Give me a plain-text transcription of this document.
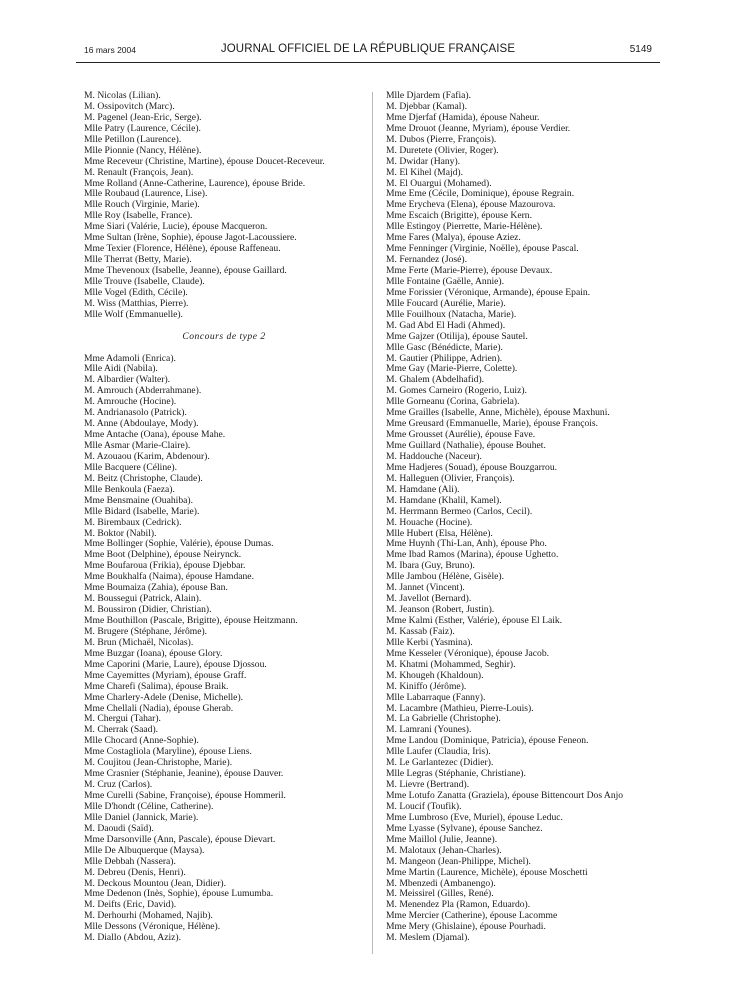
16 mars 2004	JOURNAL OFFICIEL DE LA RÉPUBLIQUE FRANÇAISE	5149
M. Nicolas (Lilian).
M. Ossipovitch (Marc).
M. Pagenel (Jean-Eric, Serge).
Mlle Patry (Laurence, Cécile).
Mlle Petillon (Laurence).
Mlle Pionnie (Nancy, Hélène).
Mme Receveur (Christine, Martine), épouse Doucet-Receveur.
M. Renault (François, Jean).
Mme Rolland (Anne-Catherine, Laurence), épouse Bride.
Mlle Roubaud (Laurence, Lise).
Mlle Rouch (Virginie, Marie).
Mlle Roy (Isabelle, France).
Mme Siari (Valérie, Lucie), épouse Macqueron.
Mme Sultan (Irène, Sophie), épouse Jagot-Lacoussiere.
Mme Texier (Florence, Hélène), épouse Raffeneau.
Mlle Therrat (Betty, Marie).
Mme Thevenoux (Isabelle, Jeanne), épouse Gaillard.
Mlle Trouve (Isabelle, Claude).
Mlle Vogel (Edith, Cécile).
M. Wiss (Matthias, Pierre).
Mlle Wolf (Emmanuelle).
Concours de type 2
Mme Adamoli (Enrica).
Mlle Aidi (Nabila).
M. Albardier (Walter).
M. Amrouch (Abderrahmane).
M. Amrouche (Hocine).
M. Andrianasolo (Patrick).
M. Anne (Abdoulaye, Mody).
Mme Antache (Oana), épouse Mahe.
Mlle Asmar (Marie-Claire).
M. Azouaou (Karim, Abdenour).
Mlle Bacquere (Céline).
M. Beitz (Christophe, Claude).
Mlle Benkoula (Faeza).
Mme Bensmaine (Ouahiba).
Mlle Bidard (Isabelle, Marie).
M. Birembaux (Cedrick).
M. Boktor (Nabil).
Mme Bollinger (Sophie, Valérie), épouse Dumas.
Mme Boot (Delphine), épouse Neirynck.
Mme Boufaroua (Frikia), épouse Djebbar.
Mme Boukhalfa (Naima), épouse Hamdane.
Mme Boumaiza (Zahia), épouse Ban.
M. Boussegui (Patrick, Alain).
M. Boussiron (Didier, Christian).
Mme Bouthillon (Pascale, Brigitte), épouse Heitzmann.
M. Brugere (Stéphane, Jérôme).
M. Brun (Michaël, Nicolas).
Mme Buzgar (Ioana), épouse Glory.
Mme Caporini (Marie, Laure), épouse Djossou.
Mme Cayemittes (Myriam), épouse Graff.
Mme Charefi (Salima), épouse Braik.
Mme Charlery-Adele (Denise, Michelle).
Mme Chellali (Nadia), épouse Gherab.
M. Chergui (Tahar).
M. Cherrak (Saad).
Mlle Chocard (Anne-Sophie).
Mme Costagliola (Maryline), épouse Liens.
M. Coujitou (Jean-Christophe, Marie).
Mme Crasnier (Stéphanie, Jeanine), épouse Dauver.
M. Cruz (Carlos).
Mme Curelli (Sabine, Françoise), épouse Hommeril.
Mlle D'hondt (Céline, Catherine).
Mlle Daniel (Jannick, Marie).
M. Daoudi (Saïd).
Mme Darsonville (Ann, Pascale), épouse Dievart.
Mlle De Albuquerque (Maysa).
Mlle Debbah (Nassera).
M. Debreu (Denis, Henri).
M. Deckous Mountou (Jean, Didier).
Mme Dedenon (Inès, Sophie), épouse Lumumba.
M. Deifts (Eric, David).
M. Derhourhi (Mohamed, Najib).
Mlle Dessons (Véronique, Hélène).
M. Diallo (Abdou, Aziz).
Mlle Djardem (Fafia).
M. Djebbar (Kamal).
Mme Djerfaf (Hamida), épouse Naheur.
Mme Drouot (Jeanne, Myriam), épouse Verdier.
M. Dubos (Pierre, François).
M. Duretete (Olivier, Roger).
M. Dwidar (Hany).
M. El Kihel (Majd).
M. El Ouargui (Mohamed).
Mme Eme (Cécile, Dominique), épouse Regrain.
Mme Erycheva (Elena), épouse Mazourova.
Mme Escaich (Brigitte), épouse Kern.
Mlle Estingoy (Pierrette, Marie-Hélène).
Mme Fares (Malya), épouse Aziez.
Mme Fenninger (Virginie, Noëlle), épouse Pascal.
M. Fernandez (José).
Mme Ferte (Marie-Pierre), épouse Devaux.
Mlle Fontaine (Gaëlle, Annie).
Mme Forissier (Véronique, Armande), épouse Epain.
Mlle Foucard (Aurélie, Marie).
Mlle Fouilhoux (Natacha, Marie).
M. Gad Abd El Hadi (Ahmed).
Mme Gajzer (Otilija), épouse Sautel.
Mlle Gasc (Bénédicte, Marie).
M. Gautier (Philippe, Adrien).
Mme Gay (Marie-Pierre, Colette).
M. Ghalem (Abdelhafid).
M. Gomes Carneiro (Rogerio, Luiz).
Mlle Gorneanu (Corina, Gabriela).
Mme Grailles (Isabelle, Anne, Michèle), épouse Maxhuni.
Mme Greusard (Emmanuelle, Marie), épouse François.
Mme Grousset (Aurélie), épouse Fave.
Mme Guillard (Nathalie), épouse Bouhet.
M. Haddouche (Naceur).
Mme Hadjeres (Souad), épouse Bouzgarrou.
M. Halleguen (Olivier, François).
M. Hamdane (Ali).
M. Hamdane (Khalil, Kamel).
M. Herrmann Bermeo (Carlos, Cecil).
M. Houache (Hocine).
Mlle Hubert (Elsa, Hélène).
Mme Huynh (Thi-Lan, Anh), épouse Pho.
Mme Ibad Ramos (Marina), épouse Ughetto.
M. Ibara (Guy, Bruno).
Mlle Jambou (Hélène, Gisèle).
M. Jannet (Vincent).
M. Javellot (Bernard).
M. Jeanson (Robert, Justin).
Mme Kalmi (Esther, Valérie), épouse El Laik.
M. Kassab (Faiz).
Mlle Kerbi (Yasmina).
Mme Kesseler (Véronique), épouse Jacob.
M. Khatmi (Mohammed, Seghir).
M. Khougeh (Khaldoun).
M. Kiniffo (Jérôme).
Mlle Labarraque (Fanny).
M. Lacambre (Mathieu, Pierre-Louis).
M. La Gabrielle (Christophe).
M. Lamrani (Younes).
Mme Landou (Dominique, Patricia), épouse Feneon.
Mlle Laufer (Claudia, Iris).
M. Le Garlantezec (Didier).
Mlle Legras (Stéphanie, Christiane).
M. Lievre (Bertrand).
Mme Lotufo Zanatta (Graziela), épouse Bittencourt Dos Anjo
M. Loucif (Toufik).
Mme Lumbroso (Eve, Muriel), épouse Leduc.
Mme Lyasse (Sylvane), épouse Sanchez.
Mme Maillol (Julie, Jeanne).
M. Malotaux (Jehan-Charles).
M. Mangeon (Jean-Philippe, Michel).
Mme Martin (Laurence, Michèle), épouse Moschetti
M. Mbenzedi (Ambanengo).
M. Meissirel (Gilles, René).
M. Menendez Pla (Ramon, Eduardo).
Mme Mercier (Catherine), épouse Lacomme
Mme Mery (Ghislaine), épouse Pourhadi.
M. Meslem (Djamal).
